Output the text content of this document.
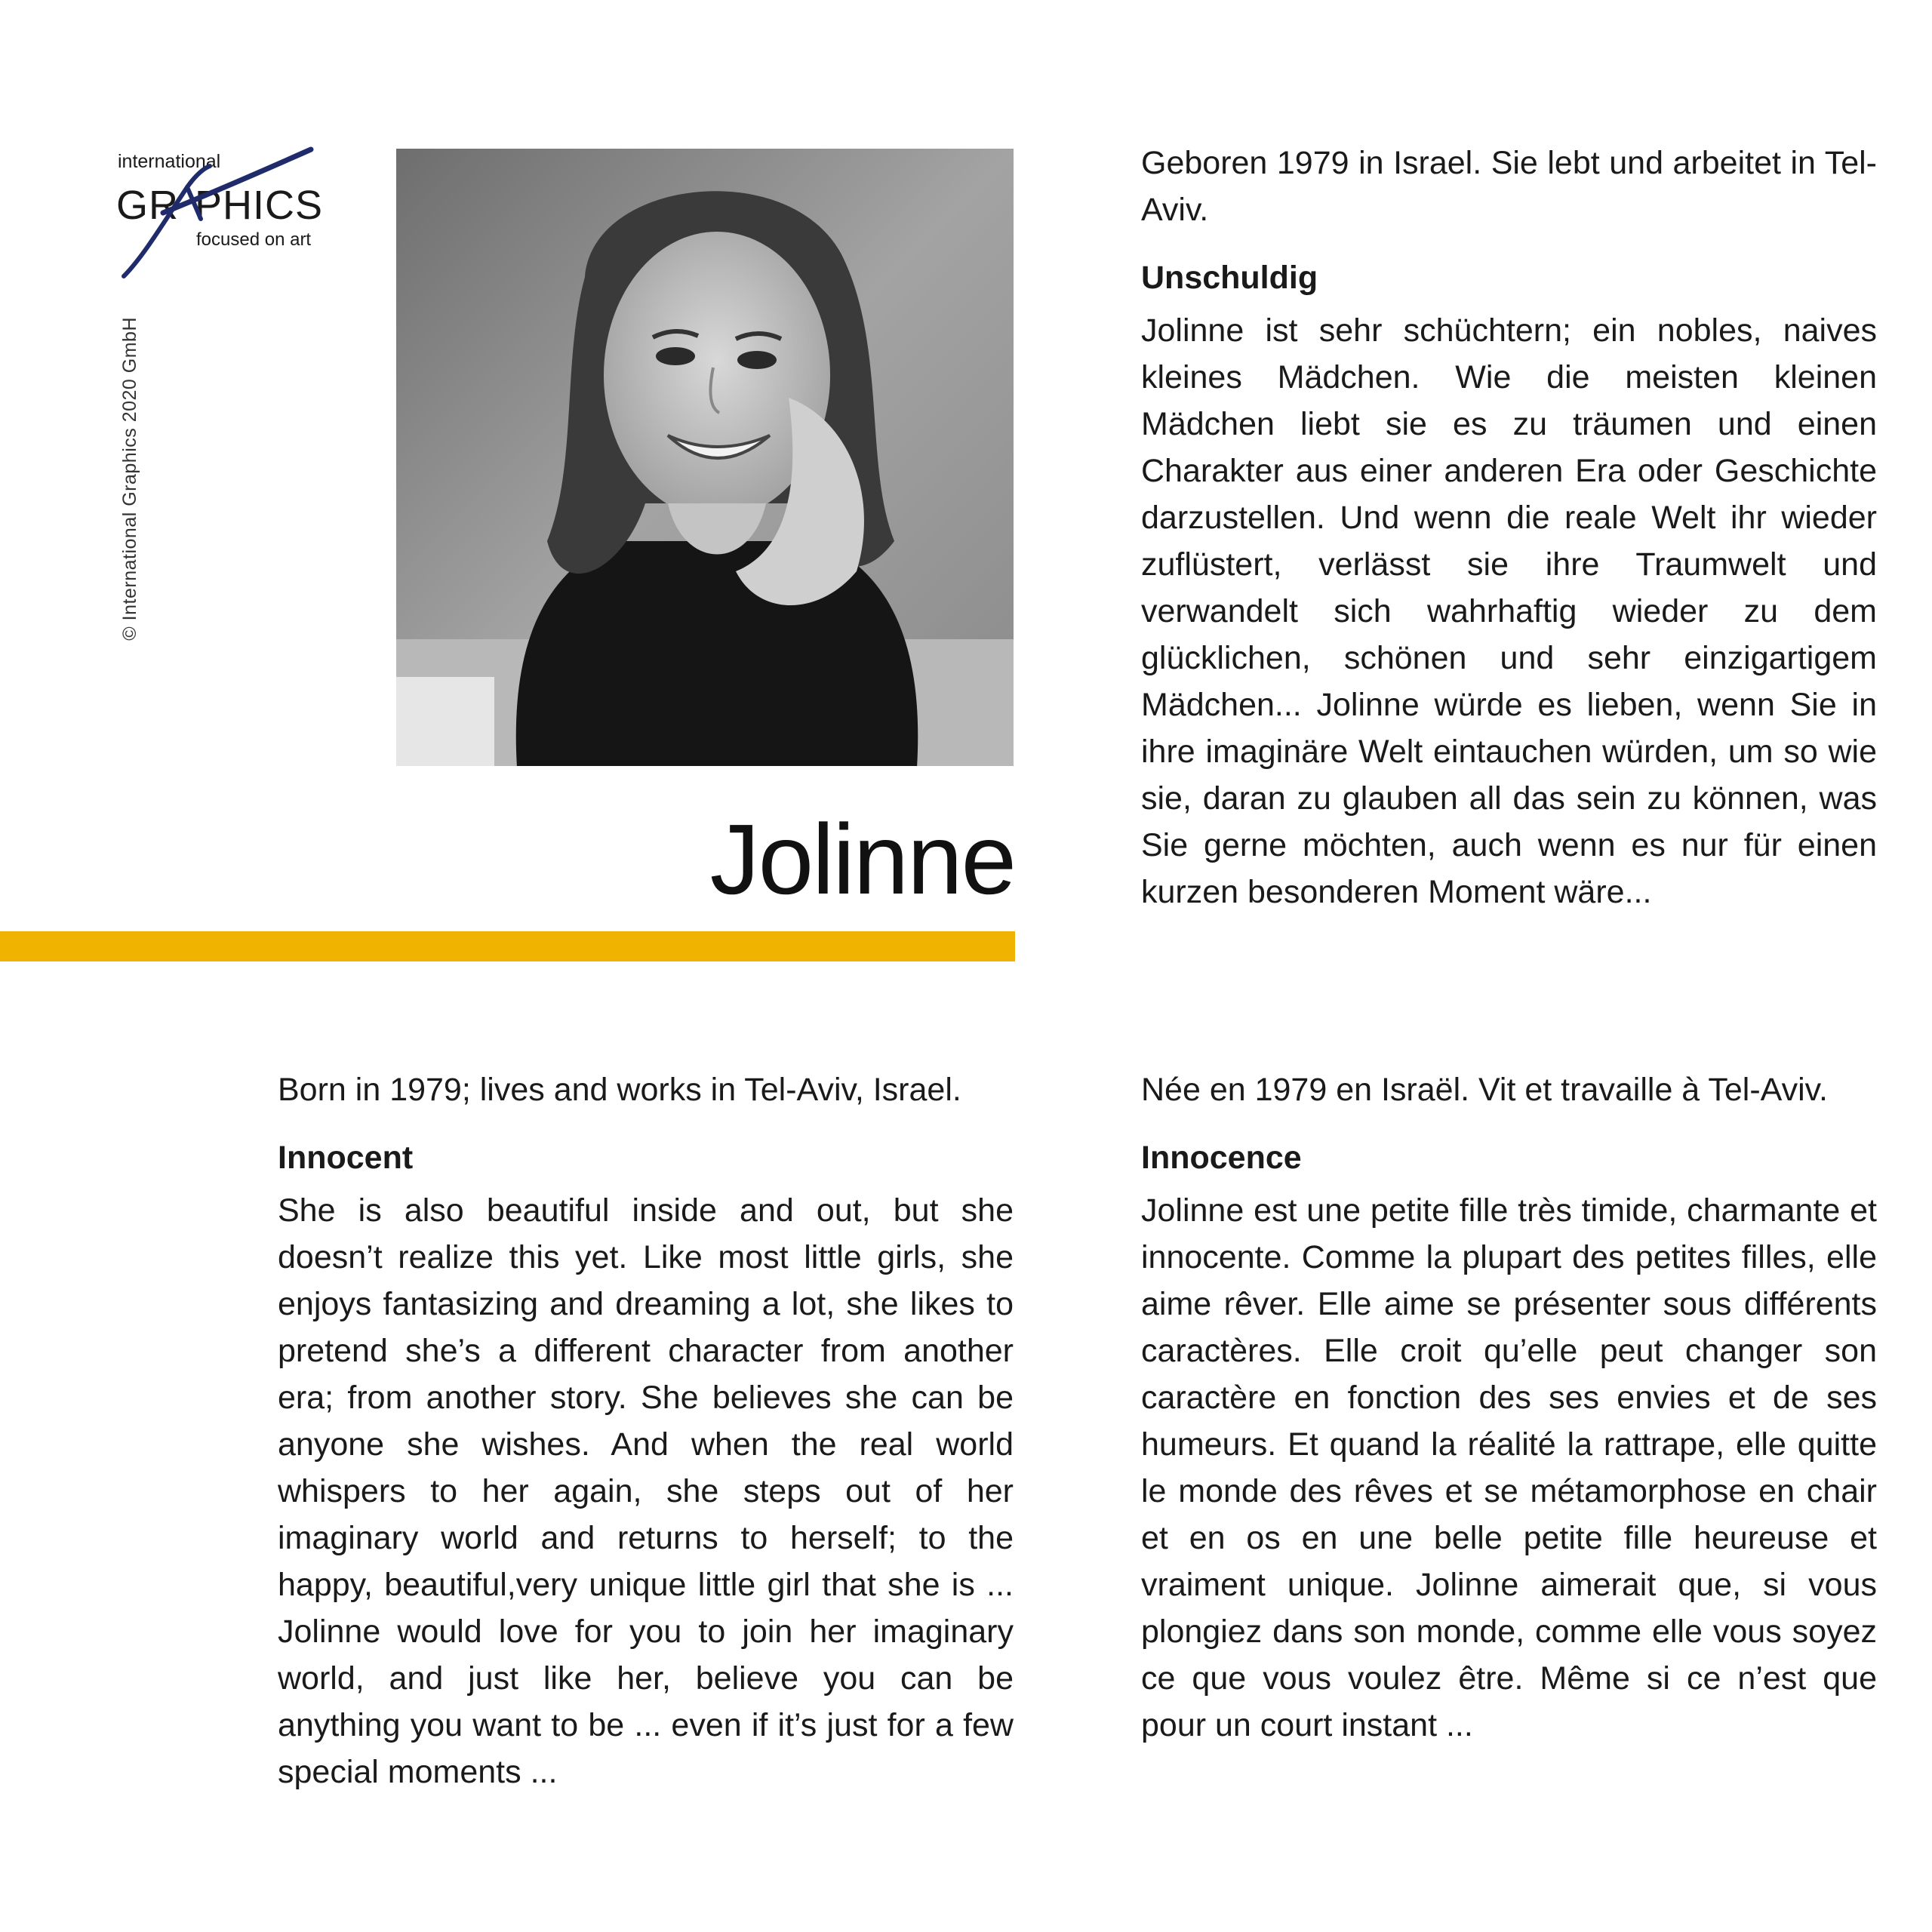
international
GR PHICS
focused on art
© International Graphics 2020 GmbH
Jolinne
Geboren 1979 in Israel. Sie lebt und arbeitet in Tel-Aviv.
Unschuldig
Jolinne ist sehr schüchtern; ein nobles, naives kleines Mädchen. Wie die meisten kleinen Mädchen liebt sie es zu träumen und einen Charakter aus einer anderen Era oder Geschichte darzustellen. Und wenn die reale Welt ihr wieder zuflüstert, verlässt sie ihre Traumwelt und verwandelt sich wahrhaftig wieder zu dem glücklichen, schönen und sehr einzigartigem Mädchen... Jolinne würde es lieben, wenn Sie in ihre imaginäre Welt eintauchen würden, um so wie sie, daran zu glauben all das sein zu können, was Sie gerne möchten, auch wenn es nur für einen kurzen besonderen Moment wäre...
Born in 1979; lives and works in Tel-Aviv, Israel.
Innocent
She is also beautiful inside and out, but she doesn’t realize this yet. Like most little girls, she enjoys fantasizing and dreaming a lot, she likes to pretend she’s a different character from another era; from another story. She believes she can be anyone she wishes. And when the real world whispers to her again, she steps out of her imaginary world and returns to herself; to the happy, beautiful,very unique little girl that she is ... Jolinne would love for you to join her imaginary world, and just like her, believe you can be anything you want to be ... even if it’s just for a few special moments ...
Née en 1979 en Israël. Vit et travaille à Tel-Aviv.
Innocence
Jolinne est une petite fille très timide, charmante et innocente. Comme la plupart des petites filles, elle aime rêver. Elle aime se présenter sous différents caractères. Elle croit qu’elle peut changer son caractère en fonction des ses envies et de ses humeurs. Et quand la réalité la rattrape, elle quitte le monde des rêves et se métamorphose en chair et en os en une belle petite fille heureuse et vraiment unique. Jolinne aimerait que, si vous plongiez dans son monde, comme elle vous soyez ce que vous voulez être. Même si ce n’est que pour un court instant ...
